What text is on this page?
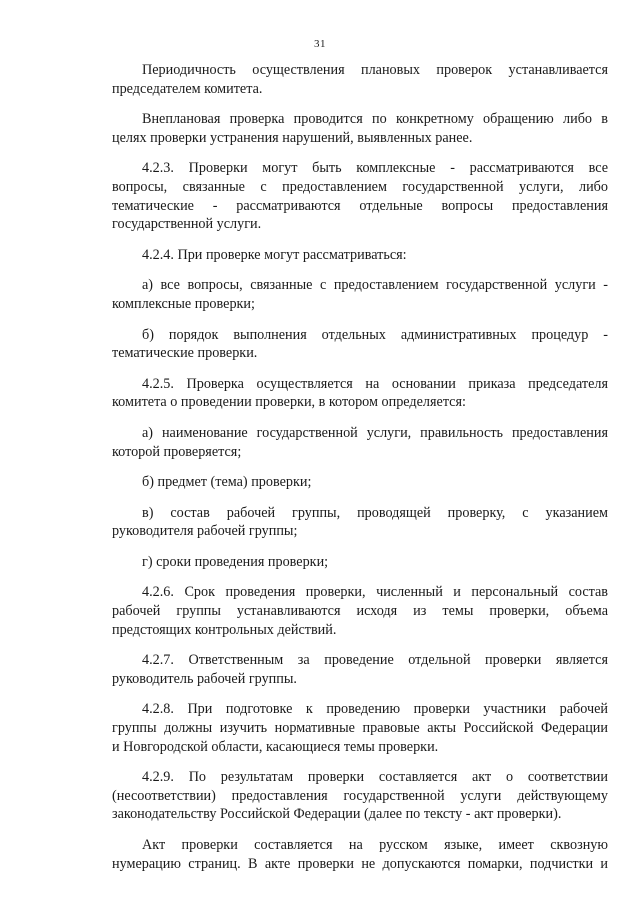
31

Периодичность осуществления плановых проверок устанавливается
председателем комитета.

Внеплановая проверка проводится по конкретному обращению либо в
целях проверки устранения нарушений, выявленных ранее.

4.2.3. Проверки могут быть комплексные - рассматриваются все
вопросы, связанные с предоставлением государственной услуги, либо
тематические - рассматриваются отдельные вопросы предоставления
государственной услуги.

4.2.4. При проверке могут рассматриваться:

а) все вопросы, связанные с предоставлением государственной услуги -
комплексные проверки;

б) порядок выполнения отдельных административных процедур -
тематические проверки.

4.2.5. Проверка осуществляется на основании приказа председателя
комитета о проведении проверки, в котором определяется:

а) наименование государственной услуги, правильность предоставления
которой проверяется;

б) предмет (тема) проверки;

в) состав рабочей группы, проводящей проверку, с указанием
руководителя рабочей группы;

г) сроки проведения проверки;

4.2.6. Срок проведения проверки, численный и персональный состав
рабочей группы устанавливаются исходя из темы проверки, объема
предстоящих контрольных действий.

4.2.7. Ответственным за проведение отдельной проверки является
руководитель рабочей группы.

4.2.8. При подготовке к проведению проверки участники рабочей
группы должны изучить нормативные правовые акты Российской Федерации
и Новгородской области, касающиеся темы проверки.

4.2.9. По результатам проверки составляется акт о соответствии
(несоответствии) предоставления государственной услуги действующему
законодательству Российской Федерации (далее по тексту - акт проверки).

Акт проверки составляется на русском языке, имеет сквозную
нумерацию страниц. В акте проверки не допускаются помарки, подчистки и
